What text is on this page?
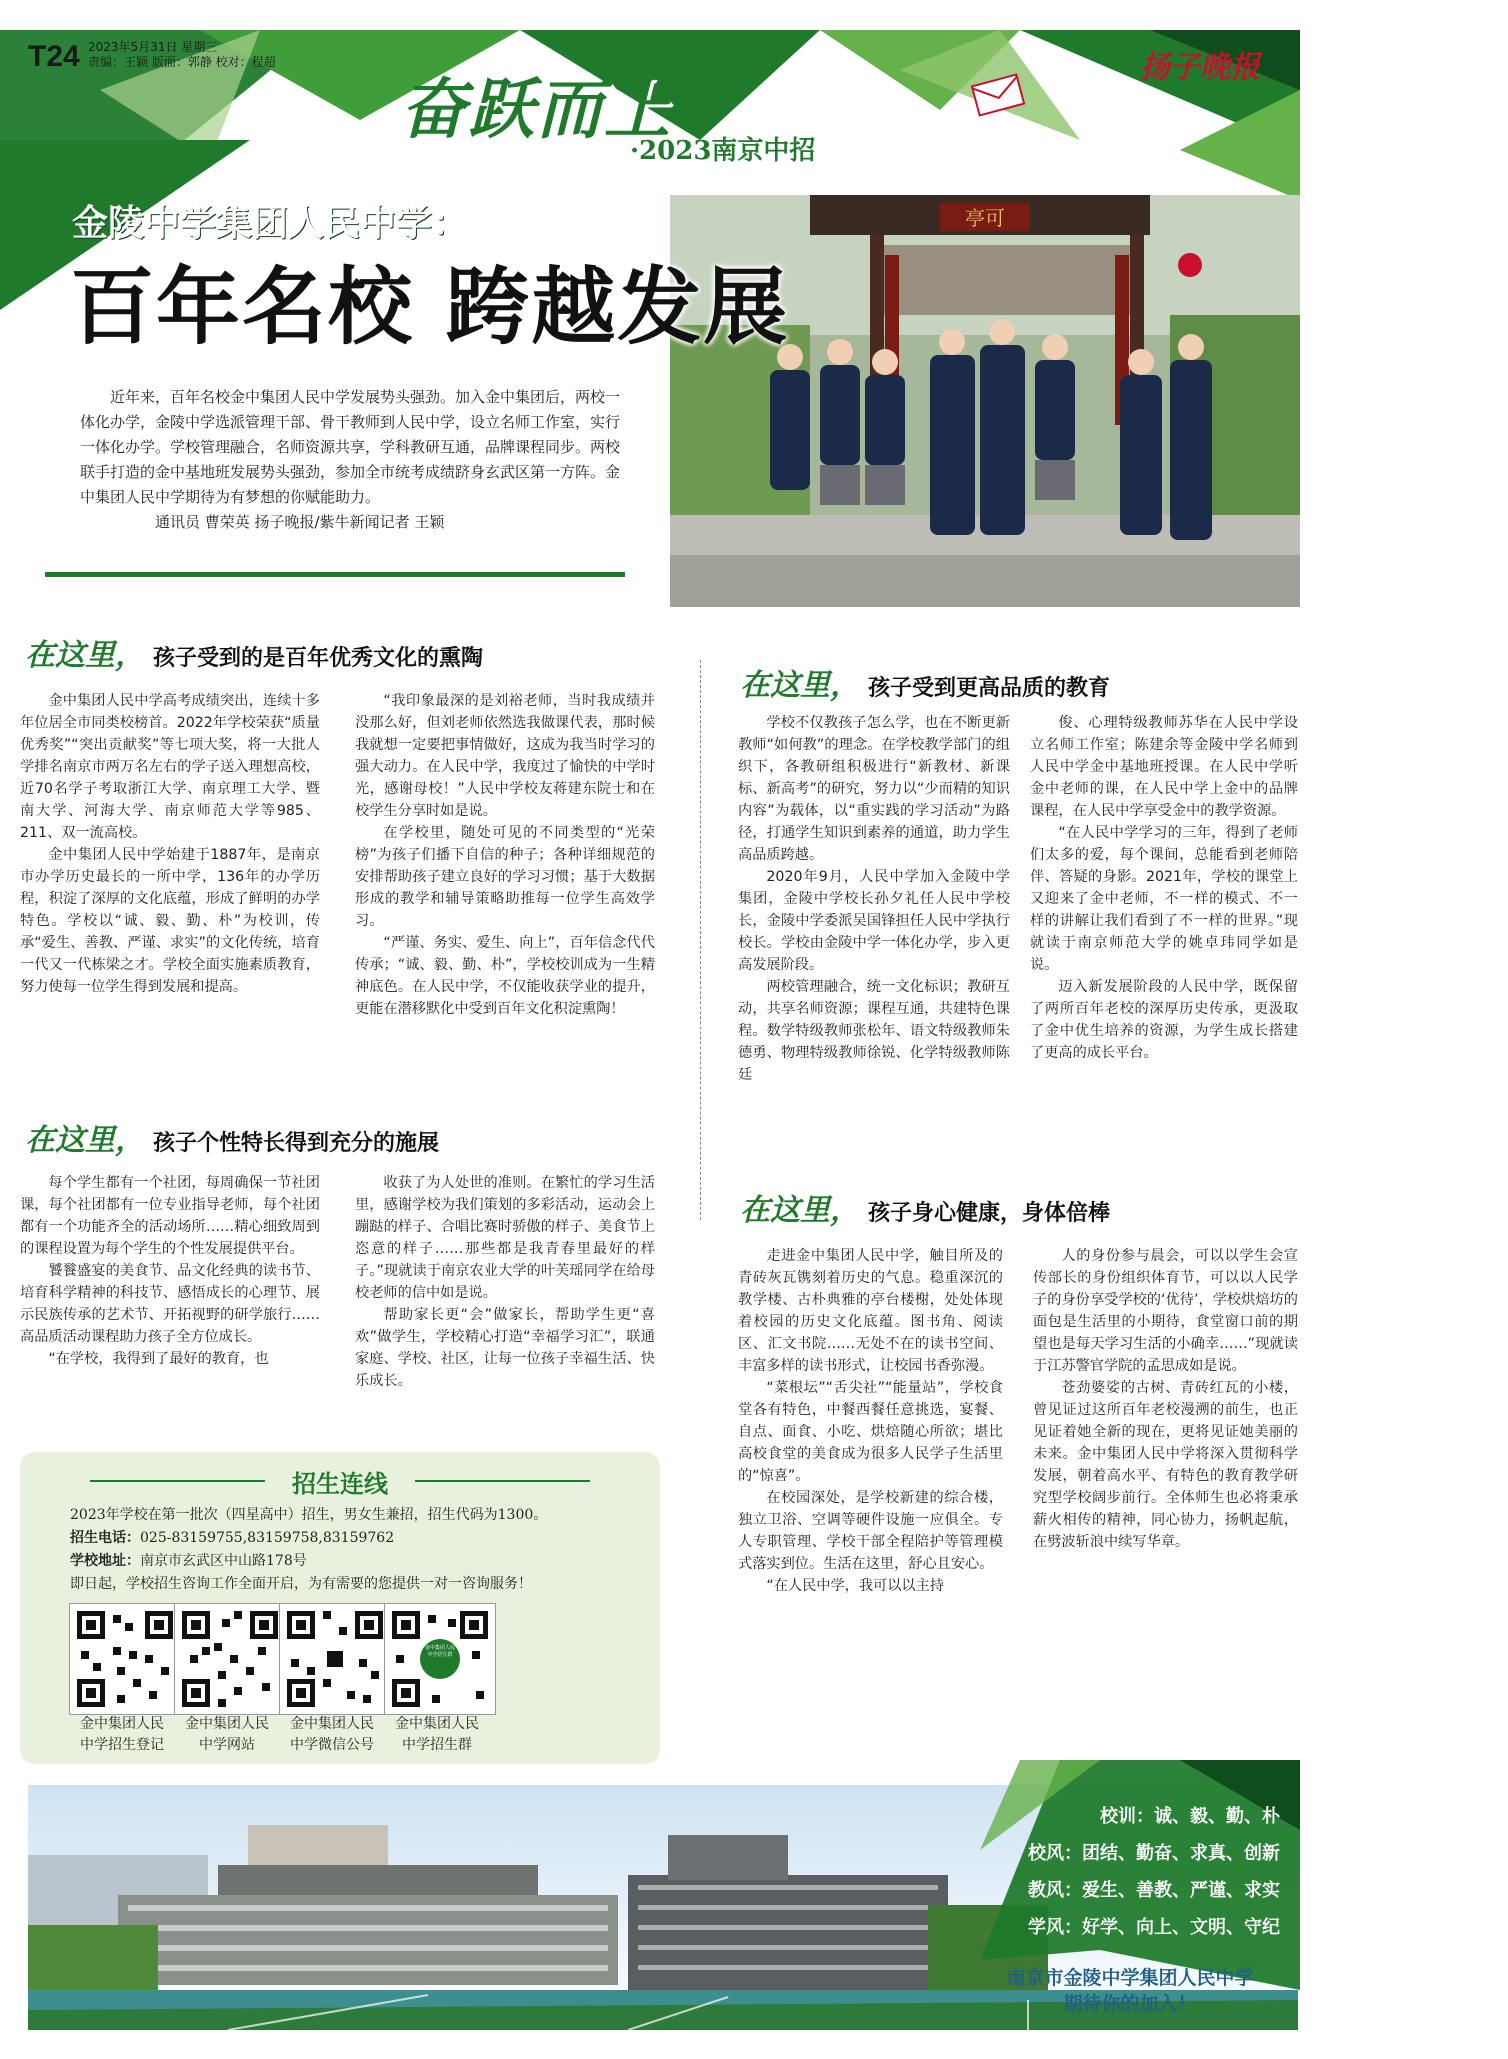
T24 2023年5月31日 星期三
责编：王颖 版面：郭静 校对：程超
奋跃而上
·2023南京中招
扬子晚报
亭可
金陵中学集团人民中学：
百年名校 跨越发展
近年来，百年名校金中集团人民中学发展势头强劲。加入金中集团后，两校一体化办学，金陵中学选派管理干部、骨干教师到人民中学，设立名师工作室，实行一体化办学。学校管理融合，名师资源共享，学科教研互通，品牌课程同步。两校联手打造的金中基地班发展势头强劲，参加全市统考成绩跻身玄武区第一方阵。金中集团人民中学期待为有梦想的你赋能助力。
通讯员 曹荣英 扬子晚报/紫牛新闻记者 王颖
在这里， 孩子受到的是百年优秀文化的熏陶

金中集团人民中学高考成绩突出，连续十多年位居全市同类校榜首。2022年学校荣获“质量优秀奖”“突出贡献奖”等七项大奖，将一大批人学排名南京市两万名左右的学子送入理想高校，近70名学子考取浙江大学、南京理工大学、暨南大学、河海大学、南京师范大学等985、211、双一流高校。

金中集团人民中学始建于1887年，是南京市办学历史最长的一所中学，136年的办学历程，积淀了深厚的文化底蕴，形成了鲜明的办学特色。学校以“诚、毅、勤、朴”为校训，传承“爱生、善教、严谨、求实”的文化传统，培育一代又一代栋梁之才。学校全面实施素质教育，努力使每一位学生得到发展和提高。

“我印象最深的是刘裕老师，当时我成绩并没那么好，但刘老师依然选我做课代表，那时候我就想一定要把事情做好，这成为我当时学习的强大动力。在人民中学，我度过了愉快的中学时光，感谢母校！”人民中学校友蒋建东院士和在校学生分享时如是说。

在学校里，随处可见的不同类型的“光荣榜”为孩子们播下自信的种子；各种详细规范的安排帮助孩子建立良好的学习习惯；基于大数据形成的教学和辅导策略助推每一位学生高效学习。

“严谨、务实、爱生、向上”，百年信念代代传承；“诚、毅、勤、朴”，学校校训成为一生精神底色。在人民中学，不仅能收获学业的提升，更能在潜移默化中受到百年文化积淀熏陶！

在这里， 孩子个性特长得到充分的施展

每个学生都有一个社团，每周确保一节社团课，每个社团都有一位专业指导老师，每个社团都有一个功能齐全的活动场所……精心细致周到的课程设置为每个学生的个性发展提供平台。

饕餮盛宴的美食节、品文化经典的读书节、培育科学精神的科技节、感悟成长的心理节、展示民族传承的艺术节、开拓视野的研学旅行……高品质活动课程助力孩子全方位成长。

“在学校，我得到了最好的教育，也

收获了为人处世的准则。在繁忙的学习生活里，感谢学校为我们策划的多彩活动，运动会上蹦跶的样子、合唱比赛时骄傲的样子、美食节上恣意的样子……那些都是我青春里最好的样子。”现就读于南京农业大学的叶芙瑶同学在给母校老师的信中如是说。

帮助家长更“会”做家长，帮助学生更“喜欢”做学生，学校精心打造“幸福学习汇”，联通家庭、学校、社区，让每一位孩子幸福生活、快乐成长。

在这里， 孩子受到更高品质的教育

学校不仅教孩子怎么学，也在不断更新教师“如何教”的理念。在学校教学部门的组织下，各教研组积极进行“新教材、新课标、新高考”的研究，努力以“少而精的知识内容”为载体，以“重实践的学习活动”为路径，打通学生知识到素养的通道，助力学生高品质跨越。

2020年9月，人民中学加入金陵中学集团，金陵中学校长孙夕礼任人民中学校长，金陵中学委派吴国锋担任人民中学执行校长。学校由金陵中学一体化办学，步入更高发展阶段。

两校管理融合，统一文化标识；教研互动，共享名师资源；课程互通，共建特色课程。数学特级教师张松年、语文特级教师朱德勇、物理特级教师徐锐、化学特级教师陈廷

俊、心理特级教师苏华在人民中学设立名师工作室；陈建余等金陵中学名师到人民中学金中基地班授课。在人民中学听金中老师的课，在人民中学上金中的品牌课程，在人民中学享受金中的教学资源。

“在人民中学学习的三年，得到了老师们太多的爱，每个课间，总能看到老师陪伴、答疑的身影。2021年，学校的课堂上又迎来了金中老师，不一样的模式、不一样的讲解让我们看到了不一样的世界。”现就读于南京师范大学的姚卓玮同学如是说。

迈入新发展阶段的人民中学，既保留了两所百年老校的深厚历史传承，更汲取了金中优生培养的资源，为学生成长搭建了更高的成长平台。

在这里， 孩子身心健康，身体倍棒

走进金中集团人民中学，触目所及的青砖灰瓦镌刻着历史的气息。稳重深沉的教学楼、古朴典雅的亭台楼榭，处处体现着校园的历史文化底蕴。图书角、阅读区、汇文书院……无处不在的读书空间、丰富多样的读书形式，让校园书香弥漫。

“菜根坛”“舌尖社”“能量站”，学校食堂各有特色，中餐西餐任意挑选，宴餐、自点、面食、小吃、烘焙随心所欲；堪比高校食堂的美食成为很多人民学子生活里的“惊喜”。

在校园深处，是学校新建的综合楼，独立卫浴、空调等硬件设施一应俱全。专人专职管理、学校干部全程陪护等管理模式落实到位。生活在这里，舒心且安心。

“在人民中学，我可以以主持

人的身份参与晨会，可以以学生会宣传部长的身份组织体育节，可以以人民学子的身份享受学校的‘优待’，学校烘焙坊的面包是生活里的小期待，食堂窗口前的期望也是每天学习生活的小确幸……”现就读于江苏警官学院的孟思成如是说。

苍劲婆娑的古树、青砖红瓦的小楼，曾见证过这所百年老校漫溯的前生，也正见证着她全新的现在，更将见证她美丽的未来。金中集团人民中学将深入贯彻科学发展，朝着高水平、有特色的教育教学研究型学校阔步前行。全体师生也必将秉承薪火相传的精神，同心协力，扬帆起航，在劈波斩浪中续写华章。

招生连线
2023年学校在第一批次（四星高中）招生，男女生兼招，招生代码为1300。
招生电话：025-83159755,83159758,83159762
学校地址：南京市玄武区中山路178号
即日起，学校招生咨询工作全面开启，为有需要的您提供一对一咨询服务！
金中集团人民中学招生群
金中集团人民
中学招生登记
金中集团人民
中学网站
金中集团人民
中学微信公号
金中集团人民
中学招生群
校训：诚、毅、勤、朴
校风：团结、勤奋、求真、创新
教风：爱生、善教、严谨、求实
学风：好学、向上、文明、守纪
南京市金陵中学集团人民中学
期待你的加入！
